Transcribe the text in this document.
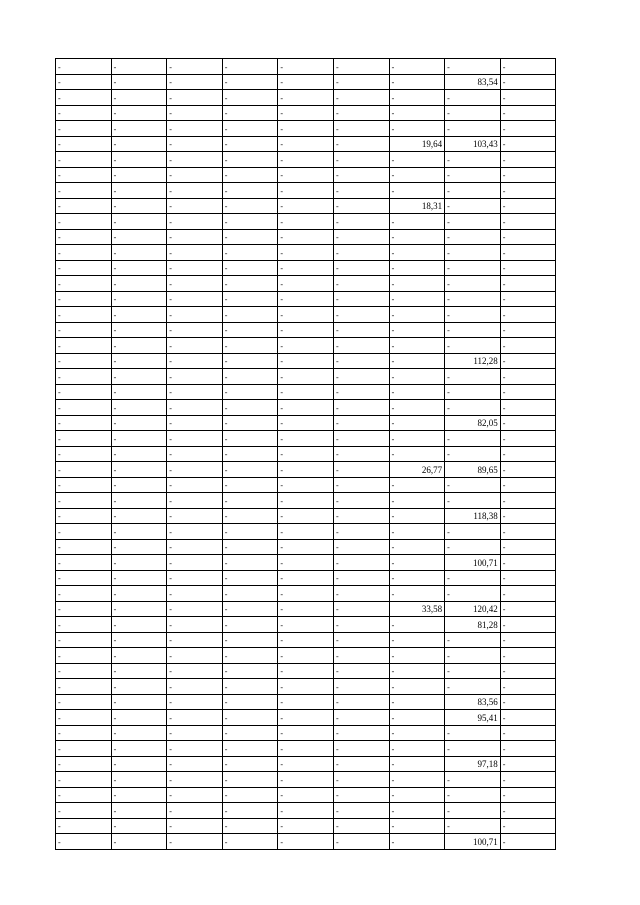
-	-	-	-	-	-	-	-	-
-	-	-	-	-	-	-	83,54	-
-	-	-	-	-	-	-	-	-
-	-	-	-	-	-	-	-	-
-	-	-	-	-	-	-	-	-
-	-	-	-	-	-	19,64	103,43	-
-	-	-	-	-	-	-	-	-
-	-	-	-	-	-	-	-	-
-	-	-	-	-	-	-	-	-
-	-	-	-	-	-	18,31	-	-
-	-	-	-	-	-	-	-	-
-	-	-	-	-	-	-	-	-
-	-	-	-	-	-	-	-	-
-	-	-	-	-	-	-	-	-
-	-	-	-	-	-	-	-	-
-	-	-	-	-	-	-	-	-
-	-	-	-	-	-	-	-	-
-	-	-	-	-	-	-	-	-
-	-	-	-	-	-	-	-	-
-	-	-	-	-	-	-	112,28	-
-	-	-	-	-	-	-	-	-
-	-	-	-	-	-	-	-	-
-	-	-	-	-	-	-	-	-
-	-	-	-	-	-	-	82,05	-
-	-	-	-	-	-	-	-	-
-	-	-	-	-	-	-	-	-
-	-	-	-	-	-	26,77	89,65	-
-	-	-	-	-	-	-	-	-
-	-	-	-	-	-	-	-	-
-	-	-	-	-	-	-	118,38	-
-	-	-	-	-	-	-	-	-
-	-	-	-	-	-	-	-	-
-	-	-	-	-	-	-	100,71	-
-	-	-	-	-	-	-	-	-
-	-	-	-	-	-	-	-	-
-	-	-	-	-	-	33,58	120,42	-
-	-	-	-	-	-	-	81,28	-
-	-	-	-	-	-	-	-	-
-	-	-	-	-	-	-	-	-
-	-	-	-	-	-	-	-	-
-	-	-	-	-	-	-	-	-
-	-	-	-	-	-	-	83,56	-
-	-	-	-	-	-	-	95,41	-
-	-	-	-	-	-	-	-	-
-	-	-	-	-	-	-	-	-
-	-	-	-	-	-	-	97,18	-
-	-	-	-	-	-	-	-	-
-	-	-	-	-	-	-	-	-
-	-	-	-	-	-	-	-	-
-	-	-	-	-	-	-	-	-
-	-	-	-	-	-	-	100,71	-
